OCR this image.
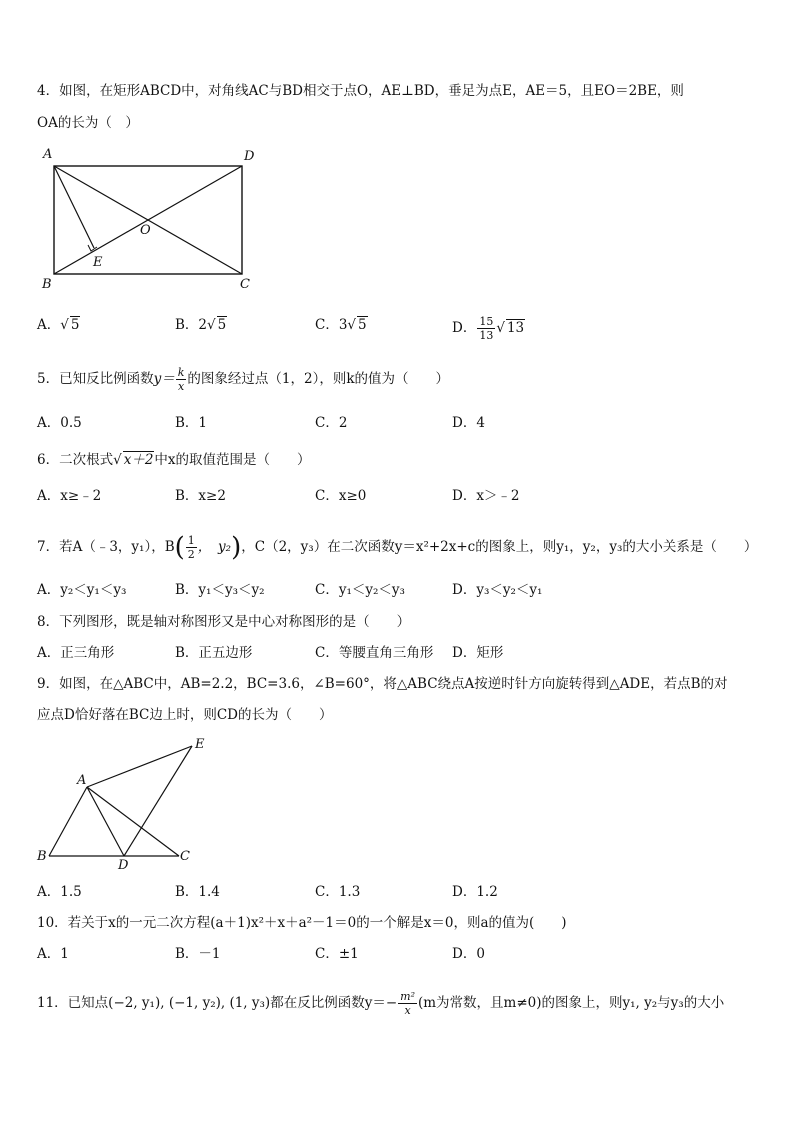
4．如图，在矩形ABCD中，对角线AC与BD相交于点O，AE⊥BD，垂足为点E，AE＝5，且EO＝2BE，则
OA的长为（　）
A	D
B	C
O
E
A．√ 5	B．2√ 5	C．3√ 5	D． $\frac{15}{13}$ √ 13
5．已知反比例函数$y= \frac{k}{x}$ 的图象经过点（1，2），则k的值为（　　）
A．0.5	B．1	C．2	D．4
6．二次根式√ x＋2中x的取值范围是（　　）
A．x≥﹣2	B．x≥2	C．x≥0	D．x＞﹣2
7．若A（﹣3，y₁），$B( \frac{1}{2}$ ，　y₂)，C（2，y₃）在二次函数y＝x²+2x+c的图象上，则y₁，y₂，y₃的大小关系是（　　）
A．y₂＜y₁＜y₃	B．y₁＜y₃＜y₂	C．y₁＜y₂＜y₃	D．y₃＜y₂＜y₁
8．下列图形，既是轴对称图形又是中心对称图形的是（　　）
A．正三角形	B．正五边形	C．等腰直角三角形 D．矩形
9．如图，在△ABC中，AB=2.2，BC=3.6，∠B=60°，将△ABC绕点A按逆时针方向旋转得到△ADE，若点B的对
应点D恰好落在BC边上时，则CD的长为（　　）
A
B	C
D
E
A．1.5	B．1.4	C．1.3	D．1.2
10．若关于x的一元二次方程(a＋1)x²＋x＋a²－1＝0的一个解是x＝0，则a的值为(　　)
A．1	B．－1	C．±1	D．0
11．已知点(−2, y₁), (−1, y₂), (1, y₃)都在反比例函数$y=- \frac{\text{m²}}{x} (m$为常数，且m≠0)的图象上，则y₁, y₂与y₃的大小
